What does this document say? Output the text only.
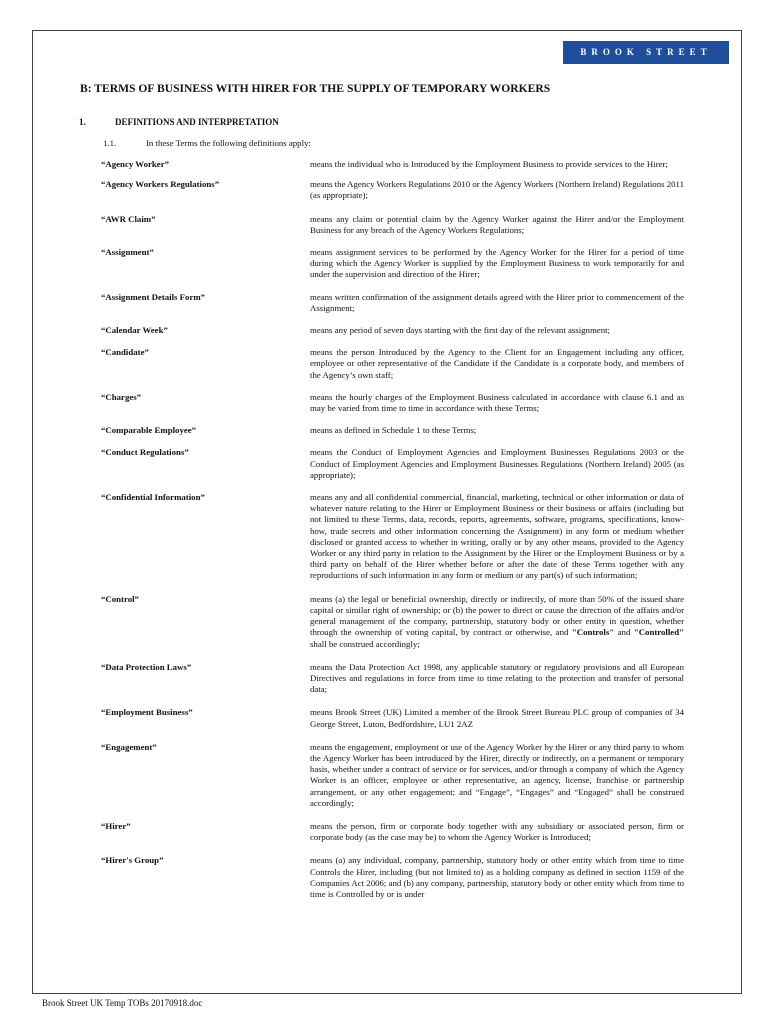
BROOK STREET
B: TERMS OF BUSINESS WITH HIRER FOR THE SUPPLY OF TEMPORARY WORKERS
1.	DEFINITIONS AND INTERPRETATION
1.1.	In these Terms the following definitions apply:
“Agency Worker”	means the individual who is Introduced by the Employment Business to provide services to the Hirer;
“Agency Workers Regulations”	means the Agency Workers Regulations 2010 or the Agency Workers (Northern Ireland) Regulations 2011 (as appropriate);
“AWR Claim”	means any claim or potential claim by the Agency Worker against the Hirer and/or the Employment Business for any breach of the Agency Workers Regulations;
“Assignment”	means assignment services to be performed by the Agency Worker for the Hirer for a period of time during which the Agency Worker is supplied by the Employment Business to work temporarily for and under the supervision and direction of the Hirer;
“Assignment Details Form”	means written confirmation of the assignment details agreed with the Hirer prior to commencement of the Assignment;
“Calendar Week”	means any period of seven days starting with the first day of the relevant assignment;
“Candidate”	means the person Introduced by the Agency to the Client for an Engagement including any officer, employee or other representative of the Candidate if the Candidate is a corporate body, and members of the Agency’s own staff;
“Charges”	means the hourly charges of the Employment Business calculated in accordance with clause 6.1 and as may be varied from time to time in accordance with these Terms;
“Comparable Employee”	means as defined in Schedule 1 to these Terms;
“Conduct Regulations”	means the Conduct of Employment Agencies and Employment Businesses Regulations 2003 or the Conduct of Employment Agencies and Employment Businesses Regulations (Northern Ireland) 2005 (as appropriate);
“Confidential Information”	means any and all confidential commercial, financial, marketing, technical or other information or data of whatever nature relating to the Hirer or Employment Business or their business or affairs (including but not limited to these Terms, data, records, reports, agreements, software, programs, specifications, know-how, trade secrets and other information concerning the Assignment) in any form or medium whether disclosed or granted access to whether in writing, orally or by any other means, provided to the Agency Worker or any third party in relation to the Assignment by the Hirer or the Employment Business or by a third party on behalf of the Hirer whether before or after the date of these Terms together with any reproductions of such information in any form or medium or any part(s) of such information;
“Control”	means (a) the legal or beneficial ownership, directly or indirectly, of more than 50% of the issued share capital or similar right of ownership; or (b) the power to direct or cause the direction of the affairs and/or general management of the company, partnership, statutory body or other entity in question, whether through the ownership of voting capital, by contract or otherwise, and "Controls" and "Controlled" shall be construed accordingly;
“Data Protection Laws”	means the Data Protection Act 1998, any applicable statutory or regulatory provisions and all European Directives and regulations in force from time to time relating to the protection and transfer of personal data;
“Employment Business”	means Brook Street (UK) Limited a member of the Brook Street Bureau PLC group of companies of 34 George Street, Luton, Bedfordshire, LU1 2AZ
“Engagement”	means the engagement, employment or use of the Agency Worker by the Hirer or any third party to whom the Agency Worker has been introduced by the Hirer, directly or indirectly, on a permanent or temporary basis, whether under a contract of service or for services, and/or through a company of which the Agency Worker is an officer, employee or other representative, an agency, license, franchise or partnership arrangement, or any other engagement; and “Engage”, “Engages” and “Engaged” shall be construed accordingly;
“Hirer”	means the person, firm or corporate body together with any subsidiary or associated person, firm or corporate body (as the case may be) to whom the Agency Worker is Introduced;
“Hirer's Group”	means (a) any individual, company, partnership, statutory body or other entity which from time to time Controls the Hirer, including (but not limited to) as a holding company as defined in section 1159 of the Companies Act 2006; and (b) any company, partnership, statutory body or other entity which from time to time is Controlled by or is under
Brook Street UK Temp TOBs 20170918.doc
